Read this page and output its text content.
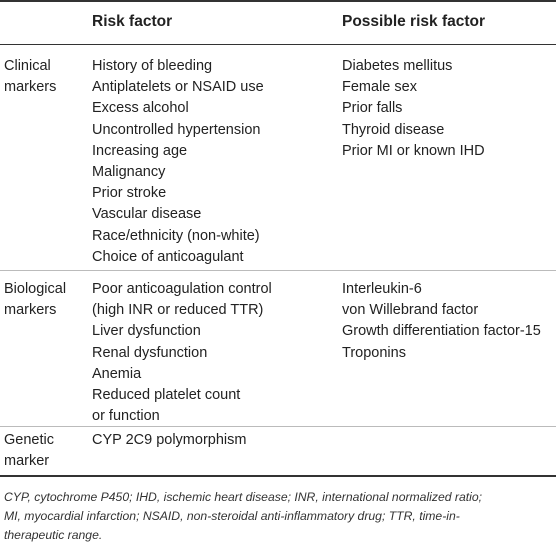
Risk factor	Possible risk factor
Clinical
markers
History of bleeding
Antiplatelets or NSAID use
Excess alcohol
Uncontrolled hypertension
Increasing age
Malignancy
Prior stroke
Vascular disease
Race/ethnicity (non-white)
Choice of anticoagulant
Diabetes mellitus
Female sex
Prior falls
Thyroid disease
Prior MI or known IHD
Biological
markers
Poor anticoagulation control
(high INR or reduced TTR)
Liver dysfunction
Renal dysfunction
Anemia
Reduced platelet count
or function
Interleukin-6
von Willebrand factor
Growth differentiation factor-15
Troponins
Genetic
marker
CYP 2C9 polymorphism
CYP, cytochrome P450; IHD, ischemic heart disease; INR, international normalized ratio;
MI, myocardial infarction; NSAID, non-steroidal anti-inflammatory drug; TTR, time-in-
therapeutic range.
